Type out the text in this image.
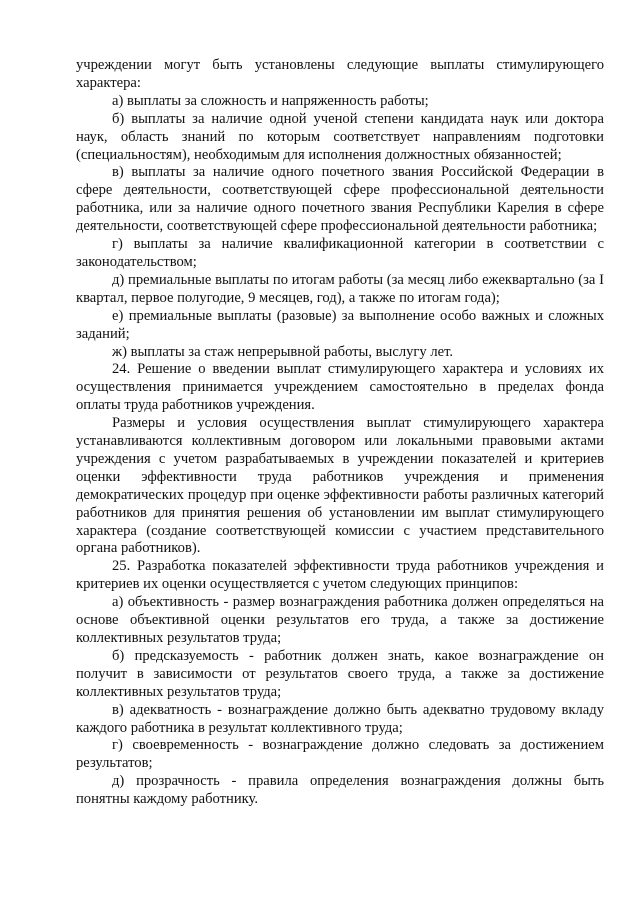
учреждении могут быть установлены следующие выплаты стимулирующего характера:

а) выплаты за сложность и напряженность работы;

б) выплаты за наличие одной ученой степени кандидата наук или доктора наук, область знаний по которым соответствует направлениям подготовки (специальностям), необходимым для исполнения должностных обязанностей;

в) выплаты за наличие одного почетного звания Российской Федерации в сфере деятельности, соответствующей сфере профессиональной деятельности работника, или за наличие одного почетного звания Республики Карелия в сфере деятельности, соответствующей сфере профессиональной деятельности работника;

г) выплаты за наличие квалификационной категории в соответствии с законодательством;

д) премиальные выплаты по итогам работы (за месяц либо ежеквартально (за I квартал, первое полугодие, 9 месяцев, год), а также по итогам года);

е) премиальные выплаты (разовые) за выполнение особо важных и сложных заданий;

ж) выплаты за стаж непрерывной работы, выслугу лет.

24. Решение о введении выплат стимулирующего характера и условиях их осуществления принимается учреждением самостоятельно в пределах фонда оплаты труда работников учреждения.

Размеры и условия осуществления выплат стимулирующего характера устанавливаются коллективным договором или локальными правовыми актами учреждения с учетом разрабатываемых в учреждении показателей и критериев оценки эффективности труда работников учреждения и применения демократических процедур при оценке эффективности работы различных категорий работников для принятия решения об установлении им выплат стимулирующего характера (создание соответствующей комиссии с участием представительного органа работников).

25. Разработка показателей эффективности труда работников учреждения и критериев их оценки осуществляется с учетом следующих принципов:

а) объективность - размер вознаграждения работника должен определяться на основе объективной оценки результатов его труда, а также за достижение коллективных результатов труда;

б) предсказуемость - работник должен знать, какое вознаграждение он получит в зависимости от результатов своего труда, а также за достижение коллективных результатов труда;

в) адекватность - вознаграждение должно быть адекватно трудовому вкладу каждого работника в результат коллективного труда;

г) своевременность - вознаграждение должно следовать за достижением результатов;

д) прозрачность - правила определения вознаграждения должны быть понятны каждому работнику.
